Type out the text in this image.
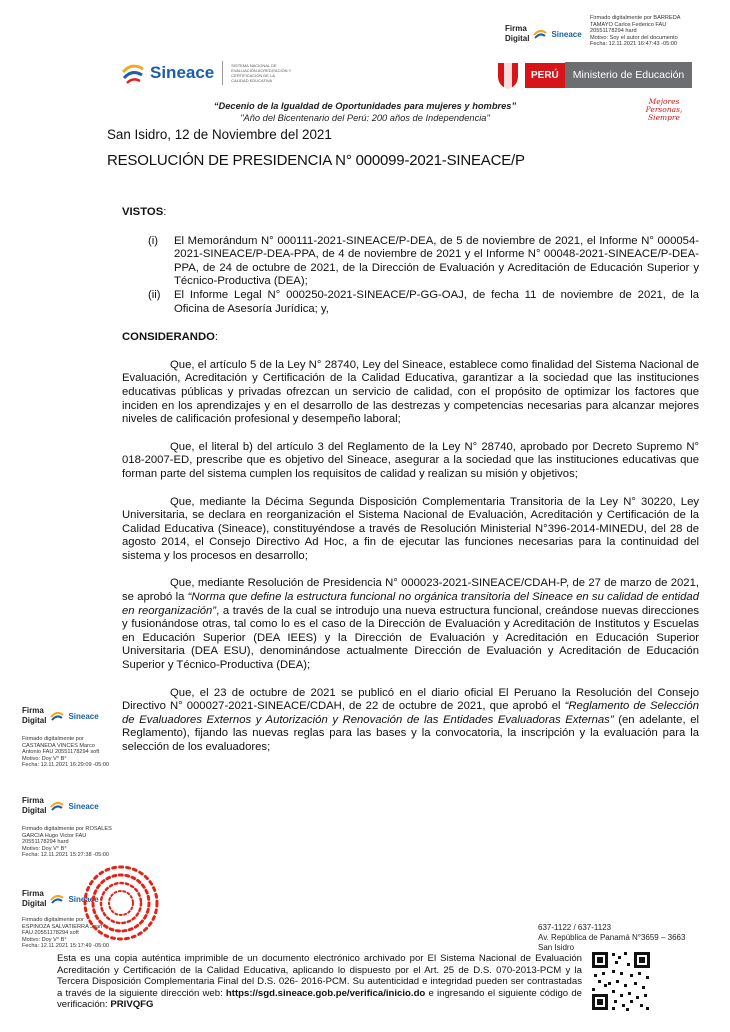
Firma
Digital	Sineace
Firmado digitalmente por BARREDA
TAMAYO Carlos Federico FAU
20551178294 hard
Motivo: Soy el autor del documento
Fecha: 12.11.2021 16:47:43 -05:00
Sineace	SISTEMA NACIONAL DE EVALUACIÓN ACREDITACIÓN Y CERTIFICACIÓN DE LA CALIDAD EDUCATIVA	PERÚ	Ministerio de Educación
Mejores
Personas,
Siempre
“Decenio de la Igualdad de Oportunidades para mujeres y hombres”
"Año del Bicentenario del Perú: 200 años de Independencia"
San Isidro, 12 de Noviembre del 2021
RESOLUCIÓN DE PRESIDENCIA N° 000099-2021-SINEACE/P
VISTOS:
(i)	El Memorándum N° 000111-2021-SINEACE/P-DEA, de 5 de noviembre de 2021, el Informe N° 000054-2021-SINEACE/P-DEA-PPA, de 4 de noviembre de 2021 y el Informe N° 00048-2021-SINEACE/P-DEA-PPA, de 24 de octubre de 2021, de la Dirección de Evaluación y Acreditación de Educación Superior y Técnico-Productiva (DEA);
(ii)	El Informe Legal N° 000250-2021-SINEACE/P-GG-OAJ, de fecha 11 de noviembre de 2021, de la Oficina de Asesoría Jurídica; y,
CONSIDERANDO:

Que, el artículo 5 de la Ley N° 28740, Ley del Sineace, establece como finalidad del Sistema Nacional de Evaluación, Acreditación y Certificación de la Calidad Educativa, garantizar a la sociedad que las instituciones educativas públicas y privadas ofrezcan un servicio de calidad, con el propósito de optimizar los factores que inciden en los aprendizajes y en el desarrollo de las destrezas y competencias necesarias para alcanzar mejores niveles de calificación profesional y desempeño laboral;

Que, el literal b) del artículo 3 del Reglamento de la Ley N° 28740, aprobado por Decreto Supremo N° 018-2007-ED, prescribe que es objetivo del Sineace, asegurar a la sociedad que las instituciones educativas que forman parte del sistema cumplen los requisitos de calidad y realizan su misión y objetivos;

Que, mediante la Décima Segunda Disposición Complementaria Transitoria de la Ley N° 30220, Ley Universitaria, se declara en reorganización el Sistema Nacional de Evaluación, Acreditación y Certificación de la Calidad Educativa (Sineace), constituyéndose a través de Resolución Ministerial N°396-2014-MINEDU, del 28 de agosto 2014, el Consejo Directivo Ad Hoc, a fin de ejecutar las funciones necesarias para la continuidad del sistema y los procesos en desarrollo;

Que, mediante Resolución de Presidencia N° 000023-2021-SINEACE/CDAH-P, de 27 de marzo de 2021, se aprobó la “Norma que define la estructura funcional no orgánica transitoria del Sineace en su calidad de entidad en reorganización”, a través de la cual se introdujo una nueva estructura funcional, creándose nuevas direcciones y fusionándose otras, tal como lo es el caso de la Dirección de Evaluación y Acreditación de Institutos y Escuelas en Educación Superior (DEA IEES) y la Dirección de Evaluación y Acreditación en Educación Superior Universitaria (DEA ESU), denominándose actualmente Dirección de Evaluación y Acreditación de Educación Superior y Técnico-Productiva (DEA);

Que, el 23 de octubre de 2021 se publicó en el diario oficial El Peruano la Resolución del Consejo Directivo N° 000027-2021-SINEACE/CDAH, de 22 de octubre de 2021, que aprobó el “Reglamento de Selección de Evaluadores Externos y Autorización y Renovación de las Entidades Evaluadoras Externas” (en adelante, el Reglamento), fijando las nuevas reglas para las bases y la convocatoria, la inscripción y la evaluación para la selección de los evaluadores;

Firma
Digital	Sineace
Firmado digitalmente por
CASTANEDA VINCES Marco
Antonio FAU 20551178294 soft
Motivo: Doy V° B°
Fecha: 12.11.2021 16:29:09 -05:00
Firma
Digital	Sineace
Firmado digitalmente por ROSALES
GARCIA Hugo Victor FAU
20551178294 hard
Motivo: Doy V° B°
Fecha: 12.11.2021 15:27:38 -05:00
Firma
Digital	Sineace
Firmado digitalmente por
ESPINOZA SALVATIERRA Juan
FAU 20551178294 soft
Motivo: Doy V° B°
Fecha: 12.11.2021 15:17:49 -05:00
637-1122 / 637-1123
Av. República de Panamá N°3659 – 3663
San Isidro
Esta es una copia auténtica imprimible de un documento electrónico archivado por El Sistema Nacional de Evaluación Acreditación y Certificación de la Calidad Educativa, aplicando lo dispuesto por el Art. 25 de D.S. 070-2013-PCM y la Tercera Disposición Complementaria Final del D.S. 026- 2016-PCM. Su autenticidad e integridad pueden ser contrastadas a través de la siguiente dirección web: https://sgd.sineace.gob.pe/verifica/inicio.do e ingresando el siguiente código de verificación: PRIVQFG
